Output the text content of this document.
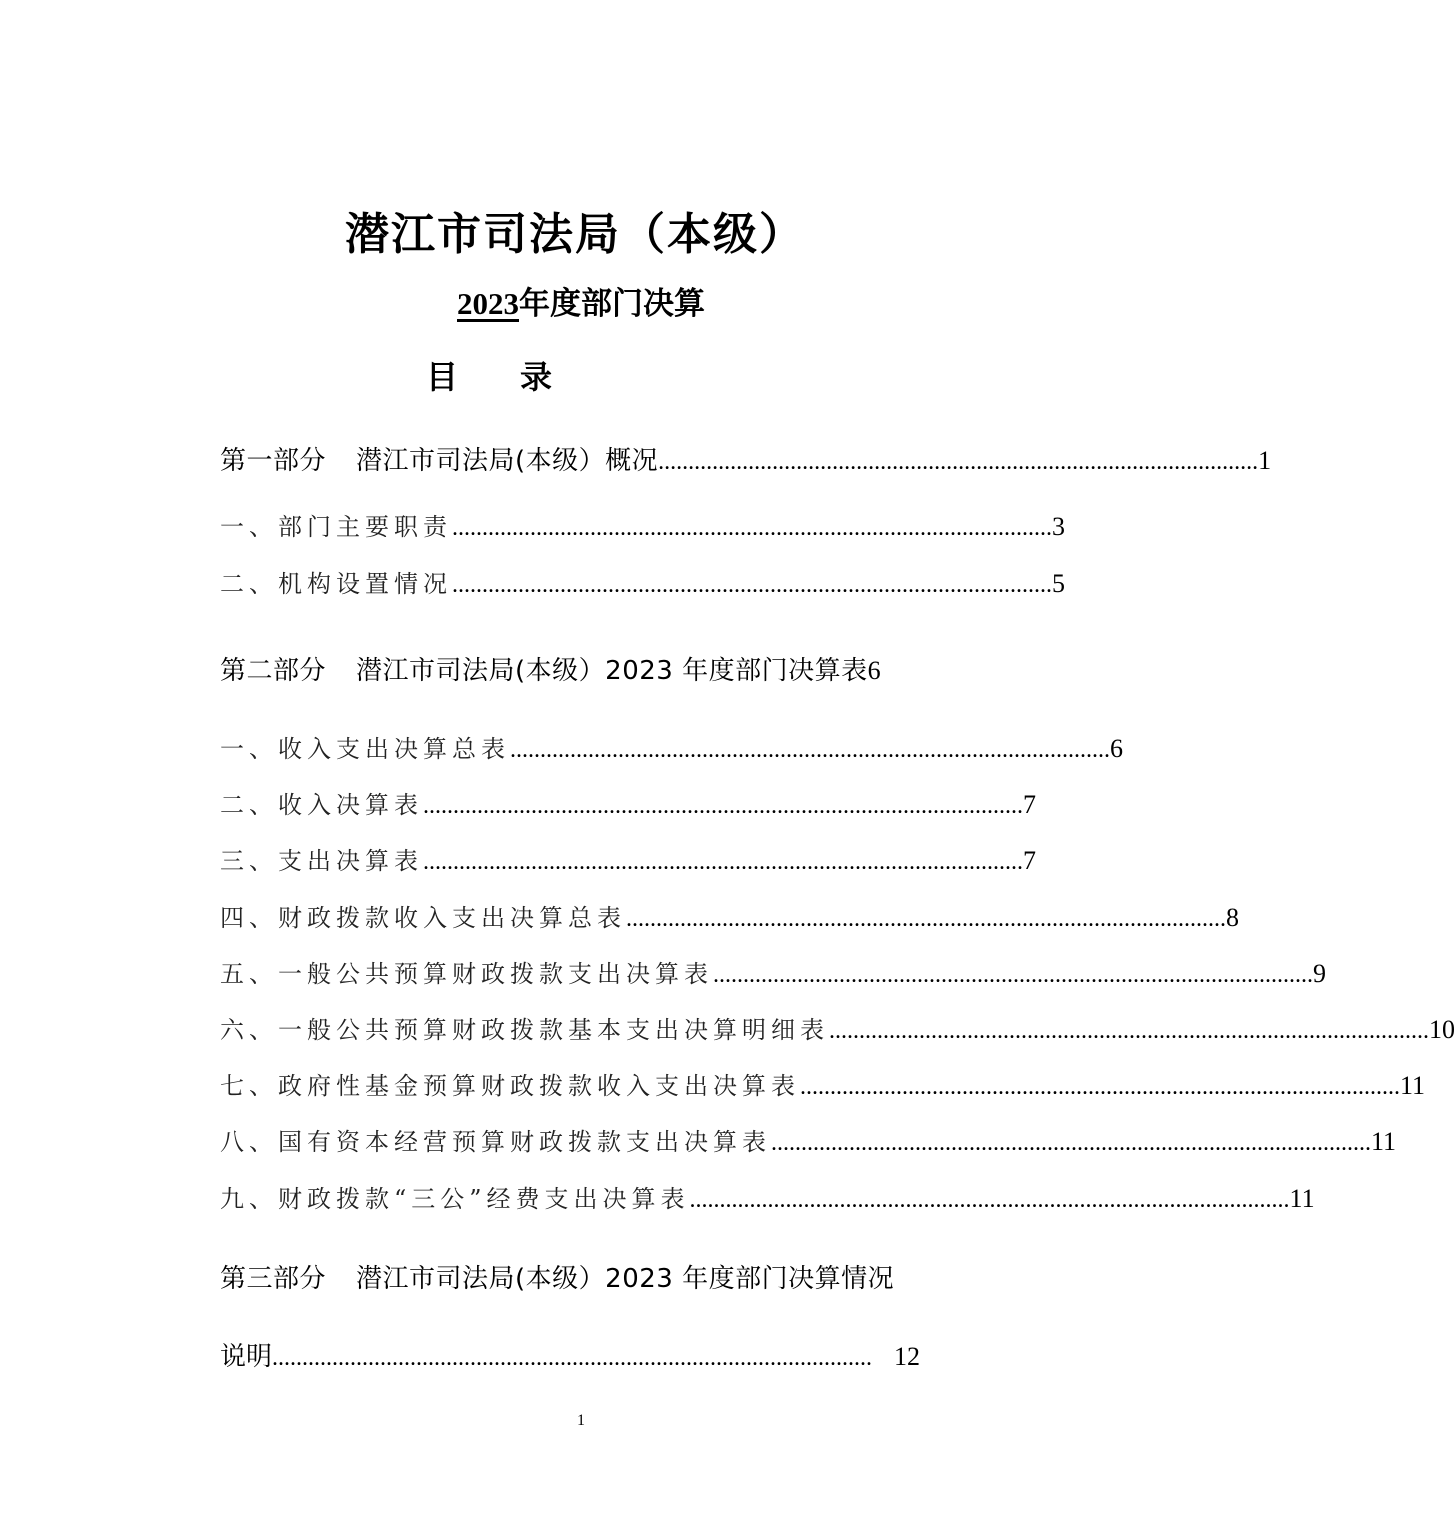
潜江市司法局（本级）
2023年度部门决算
目录
第一部分 潜江市司法局(本级）概况 .................................................................................................... 1
一、部门主要职责 .................................................................................................... 3
二、机构设置情况 .................................................................................................... 5
第二部分 潜江市司法局(本级）2023 年度部门决算表 6
一、收入支出决算总表 .................................................................................................... 6
二、收入决算表 .................................................................................................... 7
三、支出决算表 .................................................................................................... 7
四、财政拨款收入支出决算总表 .................................................................................................... 8
五、一般公共预算财政拨款支出决算表 .................................................................................................... 9
六、一般公共预算财政拨款基本支出决算明细表 .................................................................................................... 10
七、政府性基金预算财政拨款收入支出决算表 .................................................................................................... 11
八、国有资本经营预算财政拨款支出决算表 .................................................................................................... 11
九、财政拨款“三公”经费支出决算表 .................................................................................................... 11
第三部分 潜江市司法局(本级）2023 年度部门决算情况
说明 .................................................................................................... 12
1
